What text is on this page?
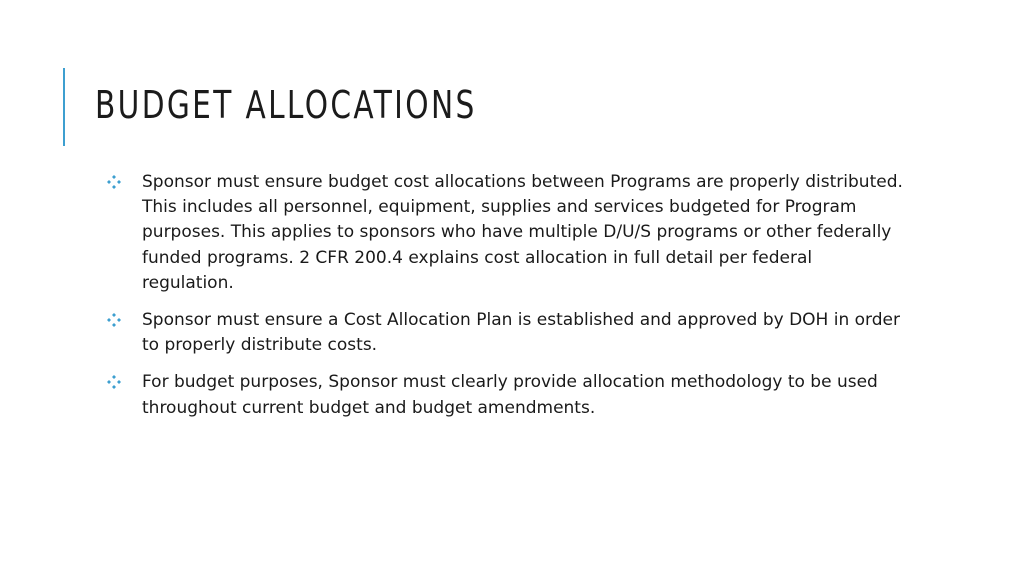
BUDGET ALLOCATIONS
Sponsor must ensure budget cost allocations between Programs are properly distributed. This includes all personnel, equipment, supplies and services budgeted for Program purposes. This applies to sponsors who have multiple D/U/S programs or other federally funded programs. 2 CFR 200.4 explains cost allocation in full detail per federal regulation.
Sponsor must ensure a Cost Allocation Plan is established and approved by DOH in order to properly distribute costs.
For budget purposes, Sponsor must clearly provide allocation methodology to be used throughout current budget and budget amendments.
